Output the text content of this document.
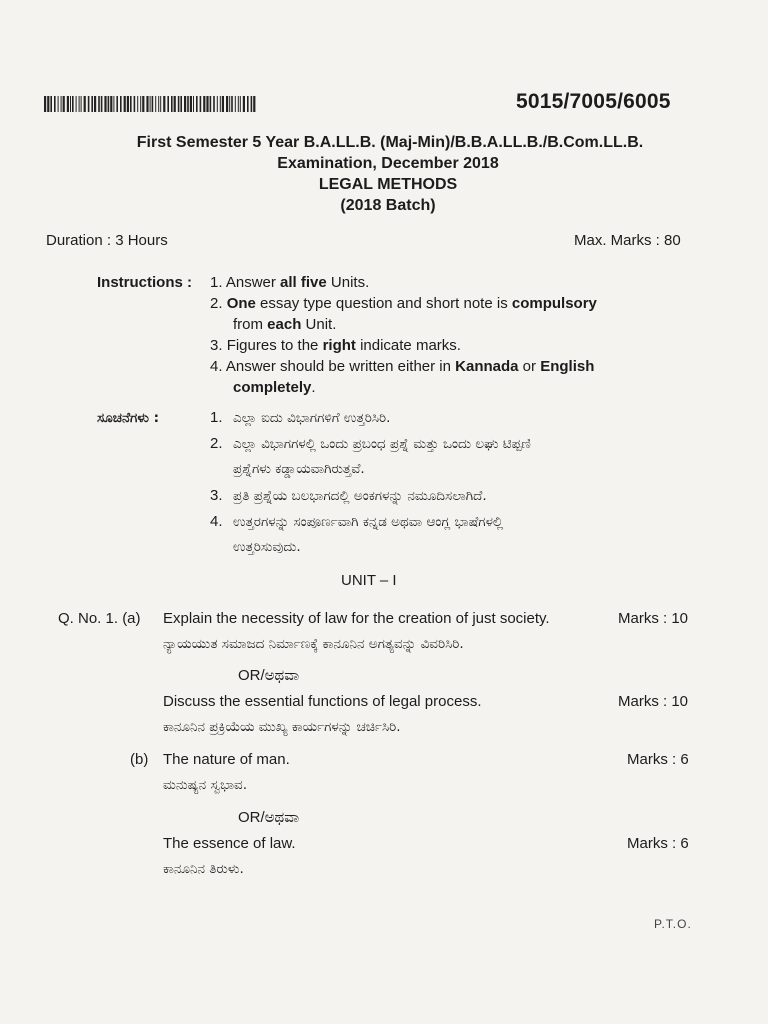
5015/7005/6005
First Semester 5 Year B.A.LL.B. (Maj-Min)/B.B.A.LL.B./B.Com.LL.B.
Examination, December 2018
LEGAL METHODS
(2018 Batch)
Duration : 3 Hours	Max. Marks : 80
Instructions : 1. Answer all five Units.
2. One essay type question and short note is compulsory
from each Unit.
3. Figures to the right indicate marks.
4. Answer should be written either in Kannada or English
completely.
ಸೂಚನೆಗಳು :	1. ಎಲ್ಲಾ ಐದು ವಿಭಾಗಗಳಿಗೆ ಉತ್ತರಿಸಿರಿ.
2. ಎಲ್ಲಾ ವಿಭಾಗಗಳಲ್ಲಿ ಒಂದು ಪ್ರಬಂಧ ಪ್ರಶ್ನೆ ಮತ್ತು ಒಂದು ಲಘು ಟಿಪ್ಪಣಿ
ಪ್ರಶ್ನೆಗಳು ಕಡ್ಡಾಯವಾಗಿರುತ್ತವೆ.
3. ಪ್ರತಿ ಪ್ರಶ್ನೆಯ ಬಲಭಾಗದಲ್ಲಿ ಅಂಕಗಳನ್ನು ನಮೂದಿಸಲಾಗಿದೆ.
4. ಉತ್ತರಗಳನ್ನು ಸಂಪೂರ್ಣವಾಗಿ ಕನ್ನಡ ಅಥವಾ ಆಂಗ್ಲ ಭಾಷೆಗಳಲ್ಲಿ
ಉತ್ತರಿಸುವುದು.
UNIT – I
Q. No. 1. (a) Explain the necessity of law for the creation of just society.	Marks : 10
ನ್ಯಾಯಯುತ ಸಮಾಜದ ನಿರ್ಮಾಣಕ್ಕೆ ಕಾನೂನಿನ ಅಗತ್ಯವನ್ನು ವಿವರಿಸಿರಿ.
OR/ಅಥವಾ
Discuss the essential functions of legal process.	Marks : 10
ಕಾನೂನಿನ ಪ್ರಕ್ರಿಯೆಯ ಮುಖ್ಯ ಕಾರ್ಯಗಳನ್ನು ಚರ್ಚಿಸಿರಿ.
(b) The nature of man.	Marks : 6
ಮನುಷ್ಯನ ಸ್ವಭಾವ.
OR/ಅಥವಾ
The essence of law.	Marks : 6
ಕಾನೂನಿನ ತಿರುಳು.
P.T.O.
